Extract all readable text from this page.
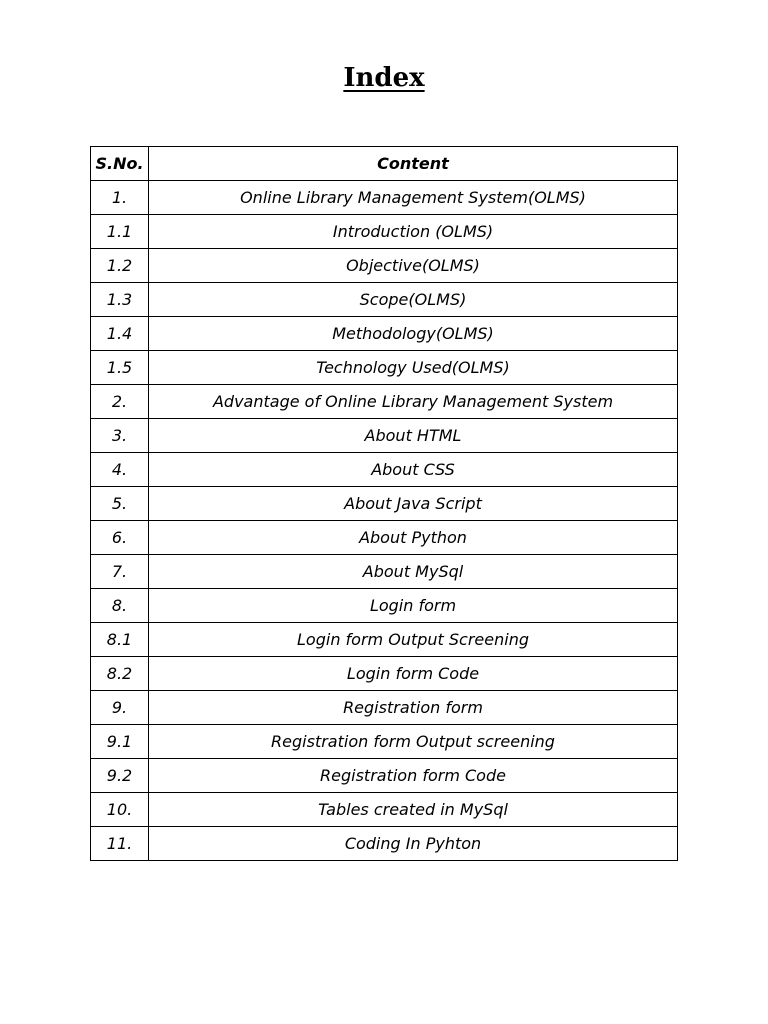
Index
S.No.	Content
1.	Online Library Management System(OLMS)
1.1	Introduction (OLMS)
1.2	Objective(OLMS)
1.3	Scope(OLMS)
1.4	Methodology(OLMS)
1.5	Technology Used(OLMS)
2.	Advantage of Online Library Management System
3.	About HTML
4.	About CSS
5.	About Java Script
6.	About Python
7.	About MySql
8.	Login form
8.1	Login form Output Screening
8.2	Login form Code
9.	Registration form
9.1	Registration form Output screening
9.2	Registration form Code
10.	Tables created in MySql
11.	Coding In Pyhton
